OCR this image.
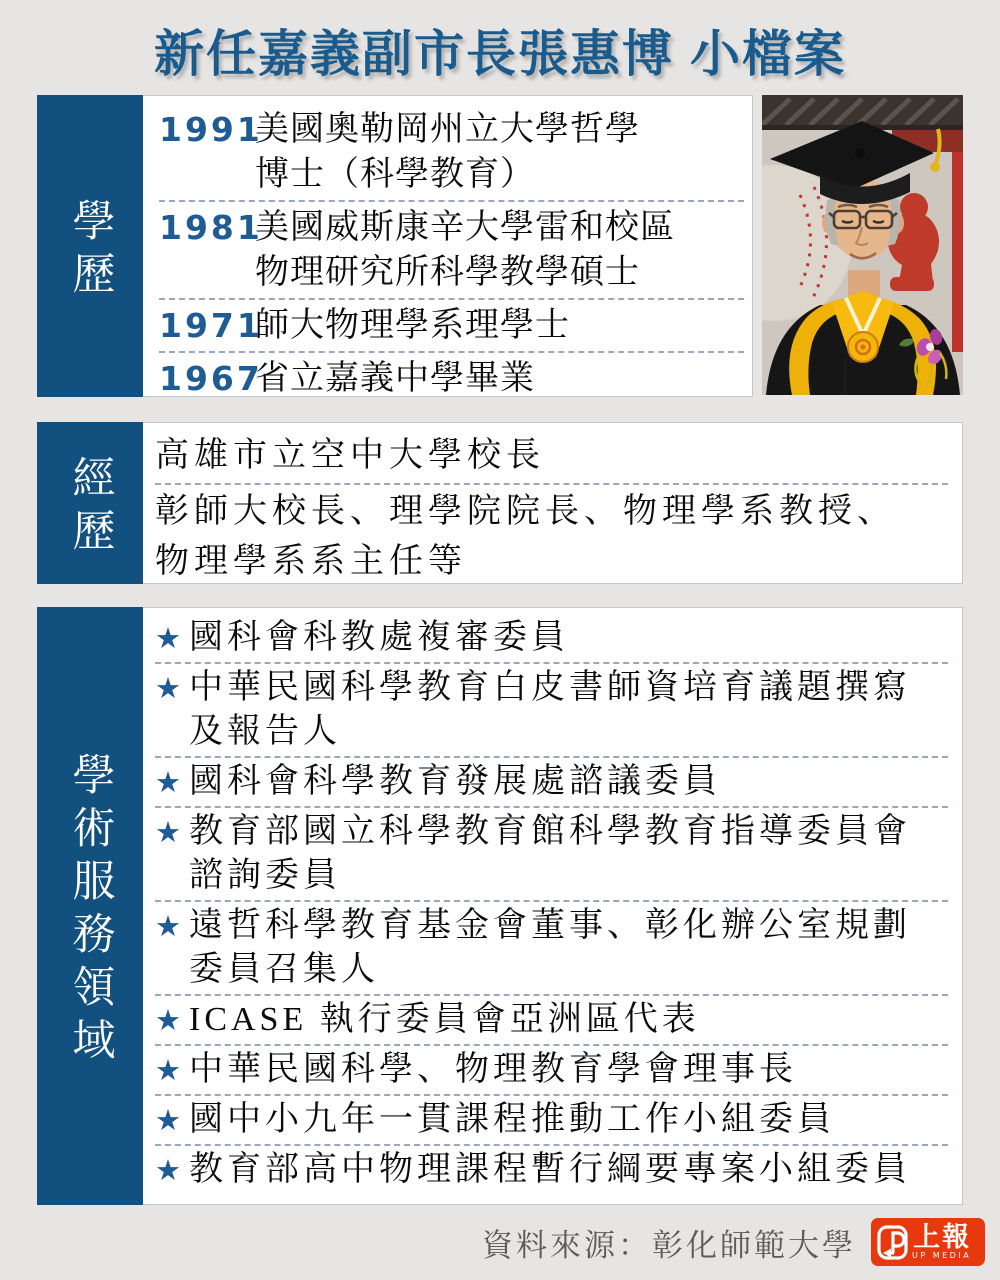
新任嘉義副市長張惠博 小檔案
學歷
1991
美國奧勒岡州立大學哲學
博士（科學教育）
1981
美國威斯康辛大學雷和校區
物理研究所科學教學碩士
1971
師大物理學系理學士
1967
省立嘉義中學畢業
經歷 高雄市立空中大學校長
彰師大校長、理學院院長、物理學系教授、
物理學系系主任等
學術服務領域
★ 國科會科教處複審委員
★ 中華民國科學教育白皮書師資培育議題撰寫
及報告人
★ 國科會科學教育發展處諮議委員
★ 教育部國立科學教育館科學教育指導委員會
諮詢委員
★ 遠哲科學教育基金會董事、彰化辦公室規劃
委員召集人
★ ICASE 執行委員會亞洲區代表
★ 中華民國科學、物理教育學會理事長
★ 國中小九年一貫課程推動工作小組委員
★ 教育部高中物理課程暫行綱要專案小組委員
資料來源：彰化師範大學 上報
UP MEDIA
